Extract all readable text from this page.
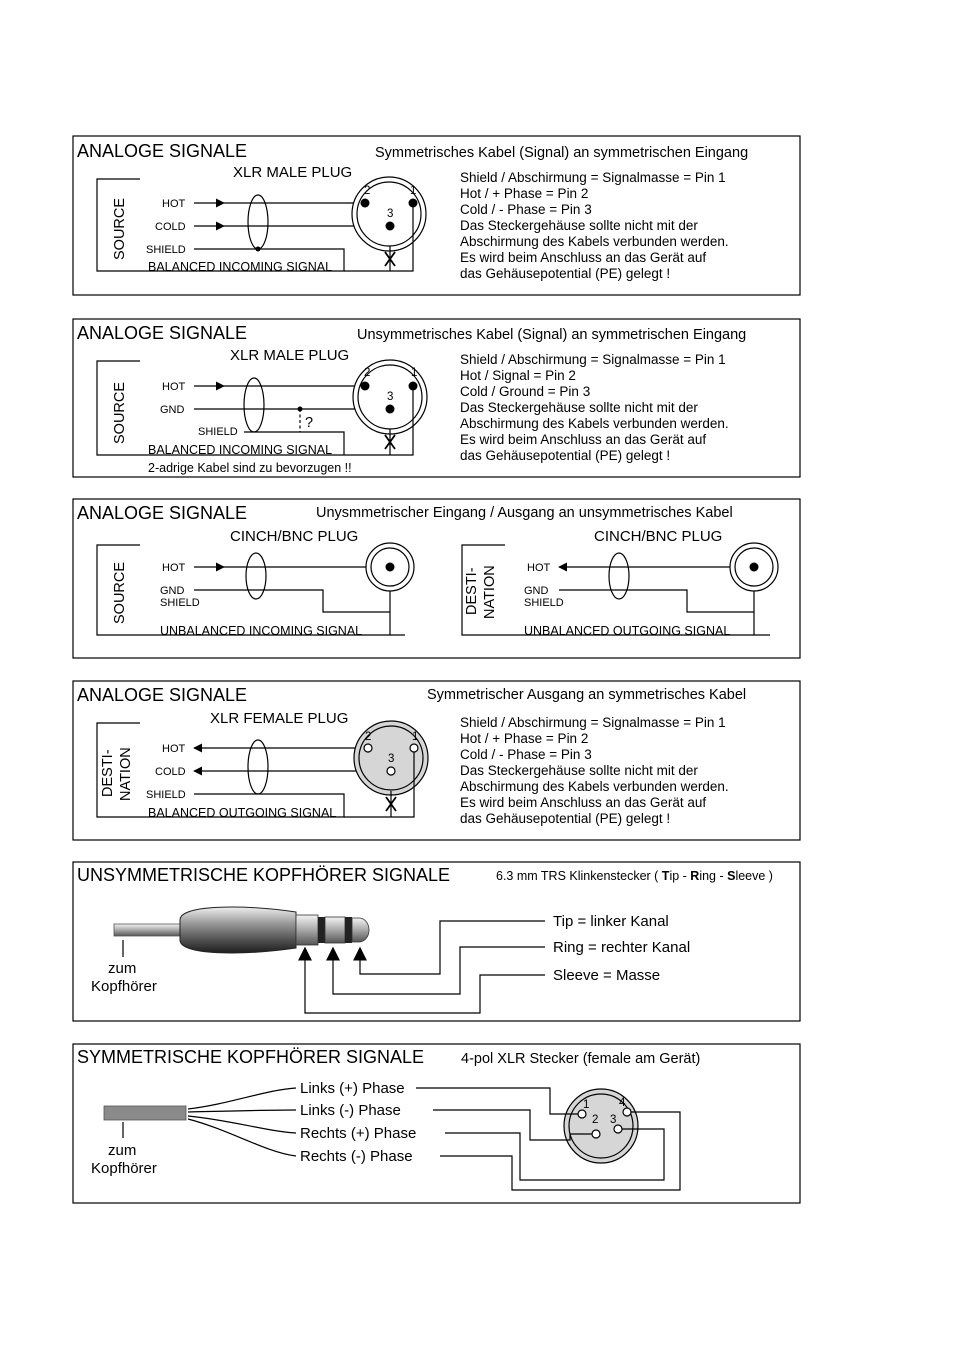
ANALOGE SIGNALE	Symmetrisches Kabel (Signal) an symmetrischen Eingang
XLR MALE PLUG
SOURCE	HOT
COLD
SHIELD
2	1
3
BALANCED INCOMING SIGNAL
Shield / Abschirmung = Signalmasse = Pin 1
Hot / + Phase = Pin 2
Cold / - Phase = Pin 3
Das Steckergehäuse sollte nicht mit der
Abschirmung des Kabels verbunden werden.
Es wird beim Anschluss an das Gerät auf
das Gehäusepotential (PE) gelegt !
ANALOGE SIGNALE	Unsymmetrisches Kabel (Signal) an symmetrischen Eingang
XLR MALE PLUG
SOURCE	HOT
GND
SHIELD
?
2	1
3
BALANCED INCOMING SIGNAL
2-adrige Kabel sind zu bevorzugen !!
Shield / Abschirmung = Signalmasse = Pin 1
Hot / Signal = Pin 2
Cold / Ground = Pin 3
Das Steckergehäuse sollte nicht mit der
Abschirmung des Kabels verbunden werden.
Es wird beim Anschluss an das Gerät auf
das Gehäusepotential (PE) gelegt !
ANALOGE SIGNALE	Unysmmetrischer Eingang / Ausgang an unsymmetrisches Kabel
CINCH/BNC PLUG
SOURCE	HOT
GND
SHIELD
UNBALANCED INCOMING SIGNAL
CINCH/BNC PLUG
DESTI- NATION	HOT
GND
SHIELD
UNBALANCED OUTGOING SIGNAL
ANALOGE SIGNALE	Symmetrischer Ausgang an symmetrisches Kabel
XLR FEMALE PLUG
DESTI- NATION	HOT
COLD
SHIELD
2	1
3
BALANCED OUTGOING SIGNAL
Shield / Abschirmung = Signalmasse = Pin 1
Hot / + Phase = Pin 2
Cold / - Phase = Pin 3
Das Steckergehäuse sollte nicht mit der
Abschirmung des Kabels verbunden werden.
Es wird beim Anschluss an das Gerät auf
das Gehäusepotential (PE) gelegt !
UNSYMMETRISCHE KOPFHÖRER SIGNALE	6.3 mm TRS Klinkenstecker ( Tip - Ring - Sleeve )
zum
Kopfhörer
Tip = linker Kanal
Ring = rechter Kanal
Sleeve = Masse
SYMMETRISCHE KOPFHÖRER SIGNALE	4-pol XLR Stecker (female am Gerät)
zum
Kopfhörer
Links (+) Phase
Links (-) Phase
Rechts (+) Phase
Rechts (-) Phase
1
2 3
4
